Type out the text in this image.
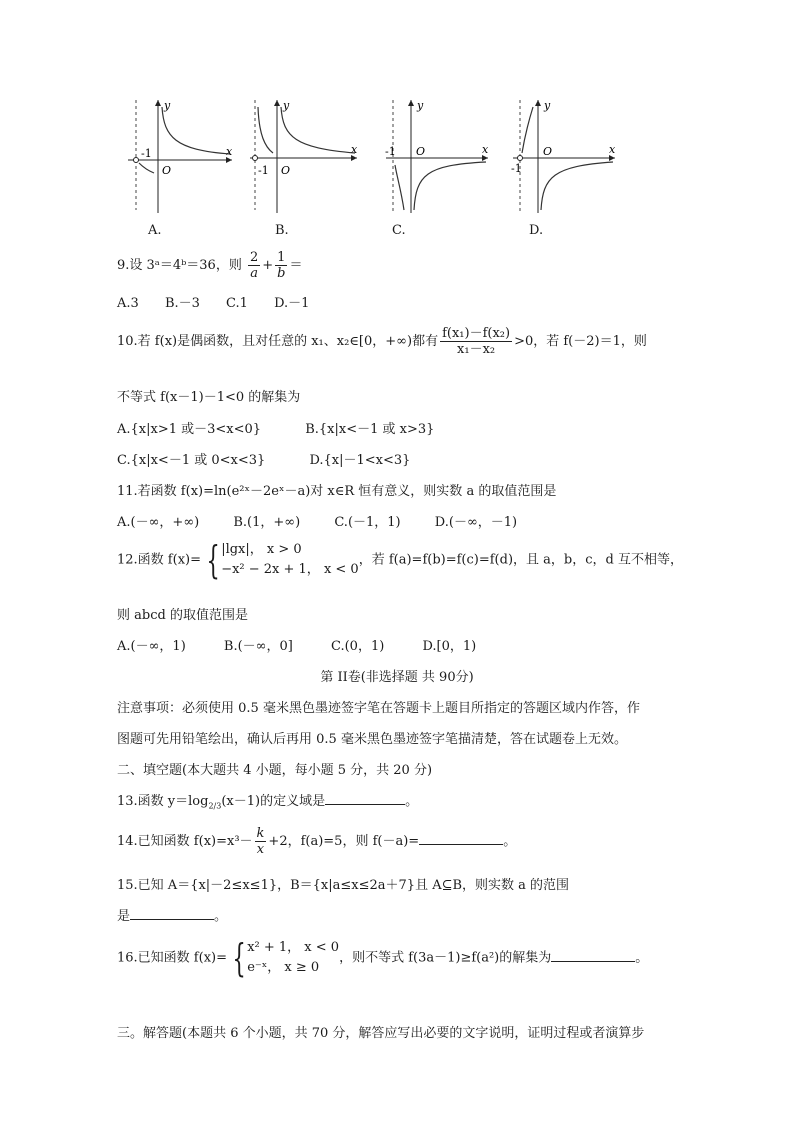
y
x
O
-1
A.
y
x
O
-1
B.
y
x
O
-1
C.
y
x
O
-1
D.
9.设 3ᵃ＝4ᵇ＝36，则 $\frac{2}{a} + \frac{1}{b}$ ＝
A.3 B.－3 C.1 D.－1
10.若 f(x)是偶函数，且对任意的 x₁、x₂∈[0，+∞)都有 $\frac{\text{f(x₁)－f(x₂)}}{\text{x₁－x₂}} >0$，若 f(－2)＝1，则
不等式 f(x－1)－1<0 的解集为
A.{x|x>1 或－3<x<0}	B.{x|x<－1 或 x>3}
C.{x|x<－1 或 0<x<3}	D.{x|－1<x<3}
11.若函数 f(x)=ln(e²ˣ－2eˣ－a)对 x∈R 恒有意义，则实数 a 的取值范围是
A.(－∞，+∞)	B.(1，+∞)	C.(－1，1)	D.(－∞，－1)
12.函数 f(x)= { |lgx|， x > 0
−x² − 2x + 1， x < 0
，若 f(a)=f(b)=f(c)=f(d)，且 a，b，c，d 互不相等，
则 abcd 的取值范围是
A.(－∞，1)	B.(－∞，0]	C.(0，1)	D.[0，1)
第 II卷(非选择题 共 90分)
注意事项：必须使用 0.5 毫米黑色墨迹签字笔在答题卡上题目所指定的答题区域内作答，作
图题可先用铅笔绘出，确认后再用 0.5 毫米黑色墨迹签字笔描清楚，答在试题卷上无效。
二、填空题(本大题共 4 小题，每小题 5 分，共 20 分)
13.函数 $y=\log_{2/3}(x-1)$的定义域是	。
14.已知函数 $f(x)=x^3- \frac{k}{x} +2$，f(a)=5，则 f(－a)=	。
15.已知 A＝{x|－2≤x≤1}，B＝{x|a≤x≤2a＋7}且 A⊆B，则实数 a 的范围
是	。
16.已知函数 f(x)= { x² + 1， x < 0
e⁻ˣ， x ≥ 0
，则不等式 f(3a－1)≥f(a²)的解集为	。
三。解答题(本题共 6 个小题，共 70 分，解答应写出必要的文字说明，证明过程或者演算步
